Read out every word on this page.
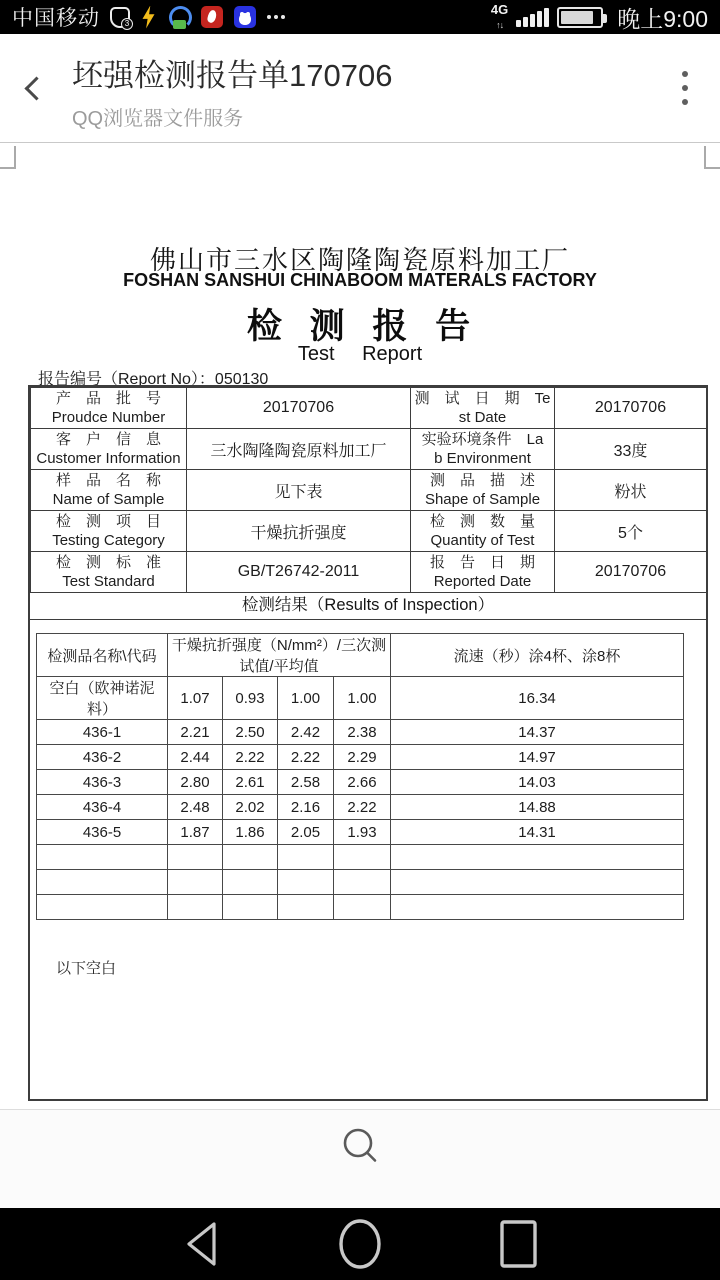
中国移动	3
4G ↑↓	晚上9:00
坯强检测报告单170706
QQ浏览器文件服务
佛山市三水区陶隆陶瓷原料加工厂
FOSHAN SANSHUI CHINABOOM MATERALS FACTORY
检 测 报 告
Test Report
报告编号（Report No）：050130
产　品　批　号
Proudce Number
	20170706	
测　试　日　期　Te
st Date
	20170706

客　户　信　息
Customer Information	三水陶隆陶瓷原料加工厂	
实验环境条件　La
b Environment	33度

样　品　名　称
Name of Sample	见下表	
测　品　描　述
Shape of Sample	粉状

检　测　项　目
Testing Category	干燥抗折强度	
检　测　数　量
Quantity of Test	5个

检　测　标　准
Test Standard
	GB/T26742-2011	
报　告　日　期
Reported Date
	20170706
检测结果（Results of Inspection）
检测品名称\代码	干燥抗折强度（N/mm²）/三次测试值/平均值				流速（秒）涂4杯、涂8杯
空白（欧神诺泥料）	1.07	0.93	1.00	1.00	16.34
436-1	2.21	2.50	2.42	2.38	14.37
436-2	2.44	2.22	2.22	2.29	14.97
436-3	2.80	2.61	2.58	2.66	14.03
436-4	2.48	2.02	2.16	2.22	14.88
436-5	1.87	1.86	2.05	1.93	14.31

以下空白
